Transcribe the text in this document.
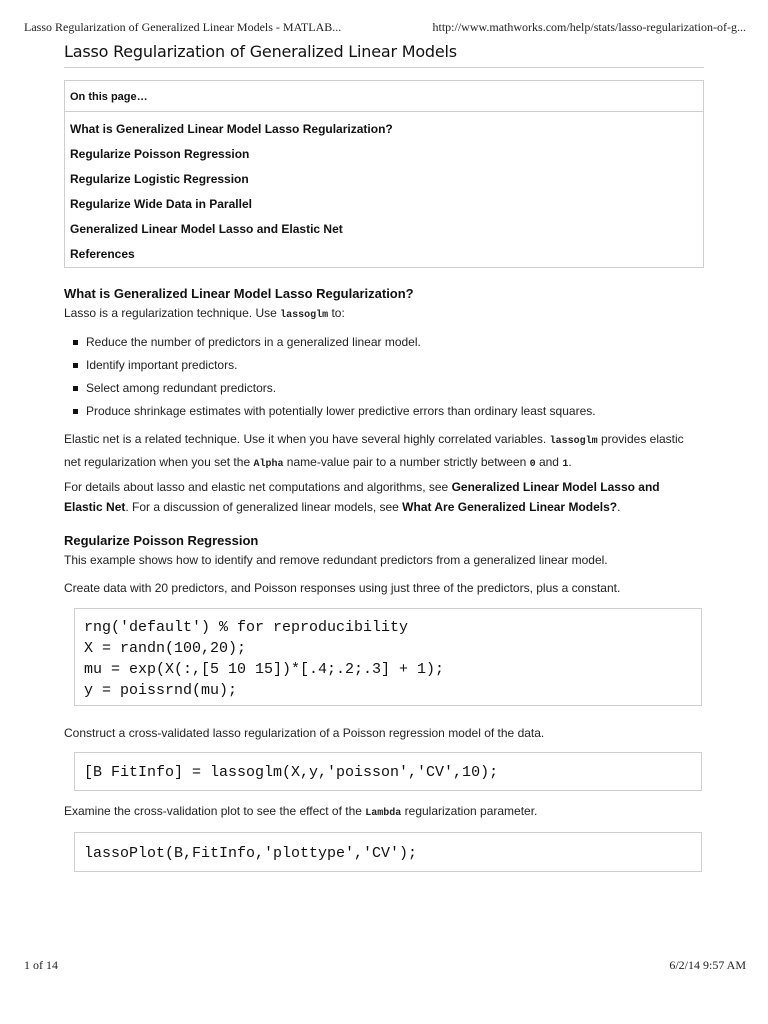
Lasso Regularization of Generalized Linear Models - MATLAB...	http://www.mathworks.com/help/stats/lasso-regularization-of-g...
Lasso Regularization of Generalized Linear Models
On this page…
What is Generalized Linear Model Lasso Regularization?
Regularize Poisson Regression
Regularize Logistic Regression
Regularize Wide Data in Parallel
Generalized Linear Model Lasso and Elastic Net
References
What is Generalized Linear Model Lasso Regularization?
Lasso is a regularization technique. Use lassoglm to:
Reduce the number of predictors in a generalized linear model.
Identify important predictors.
Select among redundant predictors.
Produce shrinkage estimates with potentially lower predictive errors than ordinary least squares.
Elastic net is a related technique. Use it when you have several highly correlated variables. lassoglm provides elastic net regularization when you set the Alpha name-value pair to a number strictly between 0 and 1.
For details about lasso and elastic net computations and algorithms, see Generalized Linear Model Lasso and Elastic Net. For a discussion of generalized linear models, see What Are Generalized Linear Models?.
Regularize Poisson Regression
This example shows how to identify and remove redundant predictors from a generalized linear model.
Create data with 20 predictors, and Poisson responses using just three of the predictors, plus a constant.
rng('default') % for reproducibility
X = randn(100,20);
mu = exp(X(:,[5 10 15])*[.4;.2;.3] + 1);
y = poissrnd(mu);
Construct a cross-validated lasso regularization of a Poisson regression model of the data.
[B FitInfo] = lassoglm(X,y,'poisson','CV',10);
Examine the cross-validation plot to see the effect of the Lambda regularization parameter.
lassoPlot(B,FitInfo,'plottype','CV');
1 of 14	6/2/14 9:57 AM
